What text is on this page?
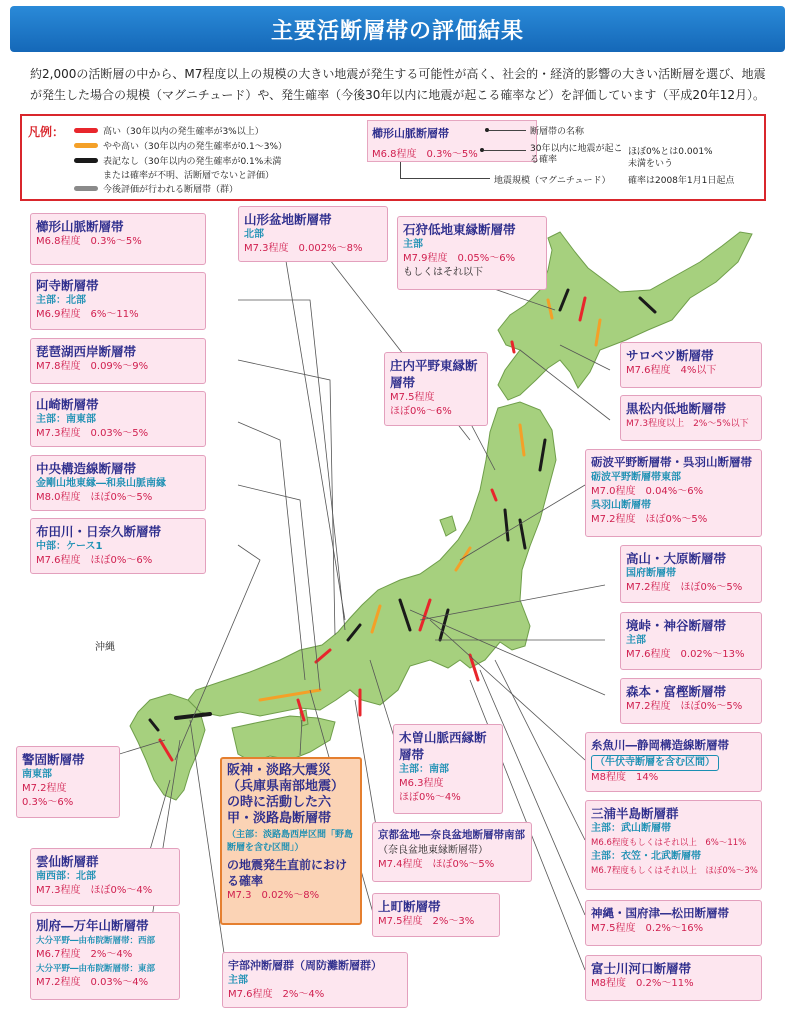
主要活断層帯の評価結果

約2,000の活断層の中から、M7程度以上の規模の大きい地震が発生する可能性が高く、社会的・経済的影響の大きい活断層を選び、地震が発生した場合の規模（マグニチュード）や、発生確率（今後30年以内に地震が起こる確率など）を評価しています（平成20年12月）。

凡例：	高い（30年以内の発生確率が3%以上）
やや高い（30年以内の発生確率が0.1〜3%）
表記なし（30年以内の発生確率が0.1%未満
または確率が不明、活断層でないと評価）
今後評価が行われる断層帯（群）
櫛形山脈断層帯
M6.8程度　0.3%〜5%
断層帯の名称
30年以内に地震が起こる確率
ほぼ0%とは0.001%
未満をいう
地震規模（マグニチュード） 確率は2008年1月1日起点
沖縄
櫛形山脈断層帯
M6.8程度　0.3%〜5%
阿寺断層帯
主部：北部
M6.9程度　6%〜11%
琵琶湖西岸断層帯
M7.8程度　0.09%〜9%
山崎断層帯
主部：南東部
M7.3程度　0.03%〜5%
中央構造線断層帯
金剛山地東縁―和泉山脈南縁
M8.0程度　ほぼ0%〜5%
布田川・日奈久断層帯
中部：ケース1
M7.6程度　ほぼ0%〜6%
山形盆地断層帯
北部
M7.3程度　0.002%〜8%
石狩低地東縁断層帯
主部
M7.9程度　0.05%〜6%
もしくはそれ以下
庄内平野東縁断層帯
M7.5程度
ほぼ0%〜6%
サロベツ断層帯
M7.6程度　4%以下
黒松内低地断層帯
M7.3程度以上　2%〜5%以下
砺波平野断層帯・呉羽山断層帯
砺波平野断層帯東部
M7.0程度　0.04%〜6%
呉羽山断層帯
M7.2程度　ほぼ0%〜5%
高山・大原断層帯
国府断層帯
M7.2程度　ほぼ0%〜5%
境峠・神谷断層帯
主部
M7.6程度　0.02%〜13%
森本・富樫断層帯
M7.2程度　ほぼ0%〜5%
糸魚川―静岡構造線断層帯
（牛伏寺断層を含む区間）
M8程度　14%
三浦半島断層群
主部：武山断層帯
M6.6程度もしくはそれ以上　6%〜11%
主部：衣笠・北武断層帯
M6.7程度もしくはそれ以上　ほぼ0%〜3%
神縄・国府津―松田断層帯
M7.5程度　0.2%〜16%
富士川河口断層帯
M8程度　0.2%〜11%
警固断層帯
南東部
M7.2程度
0.3%〜6%
雲仙断層群
南西部：北部
M7.3程度　ほぼ0%〜4%
別府―万年山断層帯
大分平野―由布院断層帯：西部
M6.7程度　2%〜4%
大分平野―由布院断層帯：東部
M7.2程度　0.03%〜4%
宇部沖断層群（周防灘断層群）
主部
M7.6程度　2%〜4%
上町断層帯
M7.5程度　2%〜3%
京都盆地―奈良盆地断層帯南部
（奈良盆地東縁断層帯）
M7.4程度　ほぼ0%〜5%
木曽山脈西縁断層帯
主部：南部
M6.3程度
ほぼ0%〜4%
阪神・淡路大震災（兵庫県南部地震）の時に活動した六甲・淡路島断層帯
（主部：淡路島西岸区間「野島断層を含む区間」）
の地震発生直前における確率
M7.3　0.02%〜8%
